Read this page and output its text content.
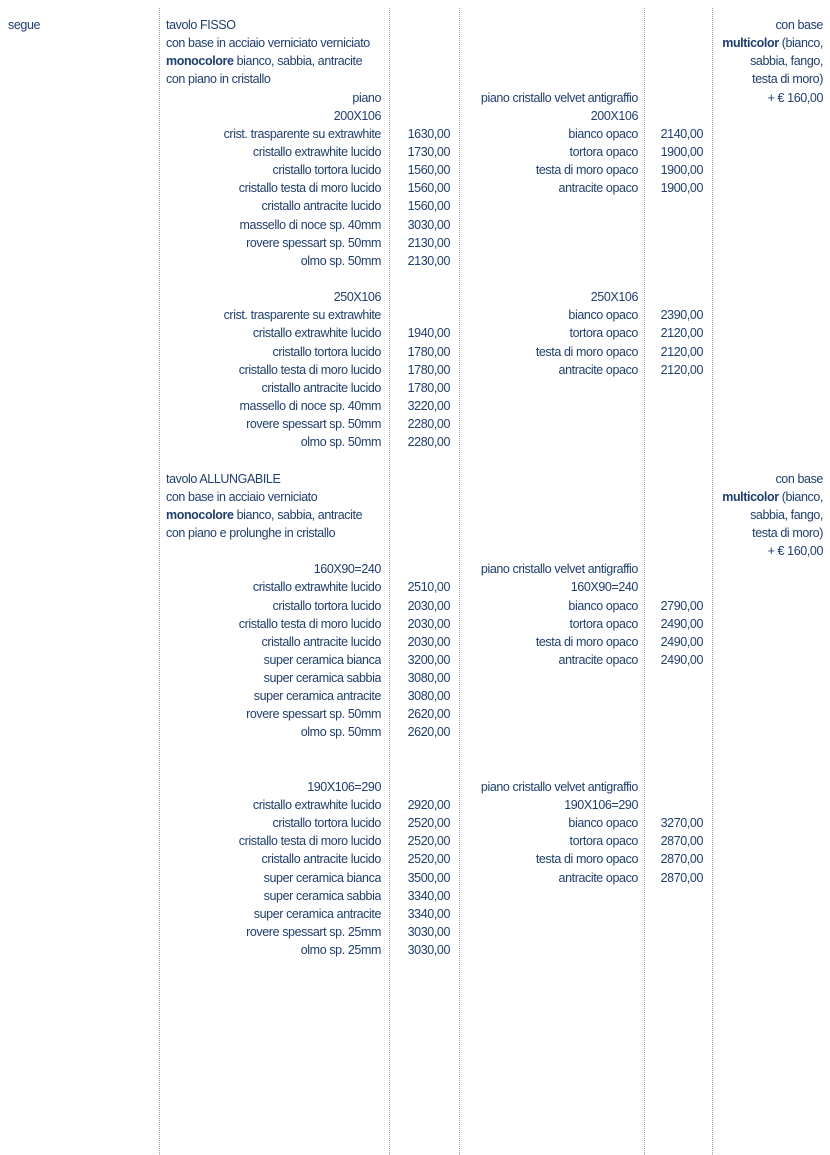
segue	tavolo FISSO
con base in acciaio verniciato verniciato
monocolore bianco, sabbia, antracite
con piano in cristallo
piano
200X106
crist. trasparente su extrawhite
cristallo extrawhite lucido
cristallo tortora lucido
cristallo testa di moro lucido
cristallo antracite lucido
massello di noce sp. 40mm
rovere spessart sp. 50mm
olmo sp. 50mm
250X106
crist. trasparente su extrawhite
cristallo extrawhite lucido
cristallo tortora lucido
cristallo testa di moro lucido
cristallo antracite lucido
massello di noce sp. 40mm
rovere spessart sp. 50mm
olmo sp. 50mm
tavolo ALLUNGABILE
con base in acciaio verniciato
monocolore bianco, sabbia, antracite
con piano e prolunghe in cristallo
160X90=240
cristallo extrawhite lucido
cristallo tortora lucido
cristallo testa di moro lucido
cristallo antracite lucido
super ceramica bianca
super ceramica sabbia
super ceramica antracite
rovere spessart sp. 50mm
olmo sp. 50mm
190X106=290
cristallo extrawhite lucido
cristallo tortora lucido
cristallo testa di moro lucido
cristallo antracite lucido
super ceramica bianca
super ceramica sabbia
super ceramica antracite
rovere spessart sp. 25mm
olmo sp. 25mm
1630,00
1730,00
1560,00
1560,00
1560,00
3030,00
2130,00
2130,00
1940,00
1780,00
1780,00
1780,00
3220,00
2280,00
2280,00
2510,00
2030,00
2030,00
2030,00
3200,00
3080,00
3080,00
2620,00
2620,00
2920,00
2520,00
2520,00
2520,00
3500,00
3340,00
3340,00
3030,00
3030,00
piano cristallo velvet antigraffio
200X106
bianco opaco
tortora opaco
testa di moro opaco
antracite opaco
250X106
bianco opaco
tortora opaco
testa di moro opaco
antracite opaco
piano cristallo velvet antigraffio
160X90=240
bianco opaco
tortora opaco
testa di moro opaco
antracite opaco
piano cristallo velvet antigraffio
190X106=290
bianco opaco
tortora opaco
testa di moro opaco
antracite opaco
2140,00
1900,00
1900,00
1900,00
2390,00
2120,00
2120,00
2120,00
2790,00
2490,00
2490,00
2490,00
3270,00
2870,00
2870,00
2870,00
con base
multicolor (bianco,
sabbia, fango,
testa di moro)
+ € 160,00
con base
multicolor (bianco,
sabbia, fango,
testa di moro)
+ € 160,00
